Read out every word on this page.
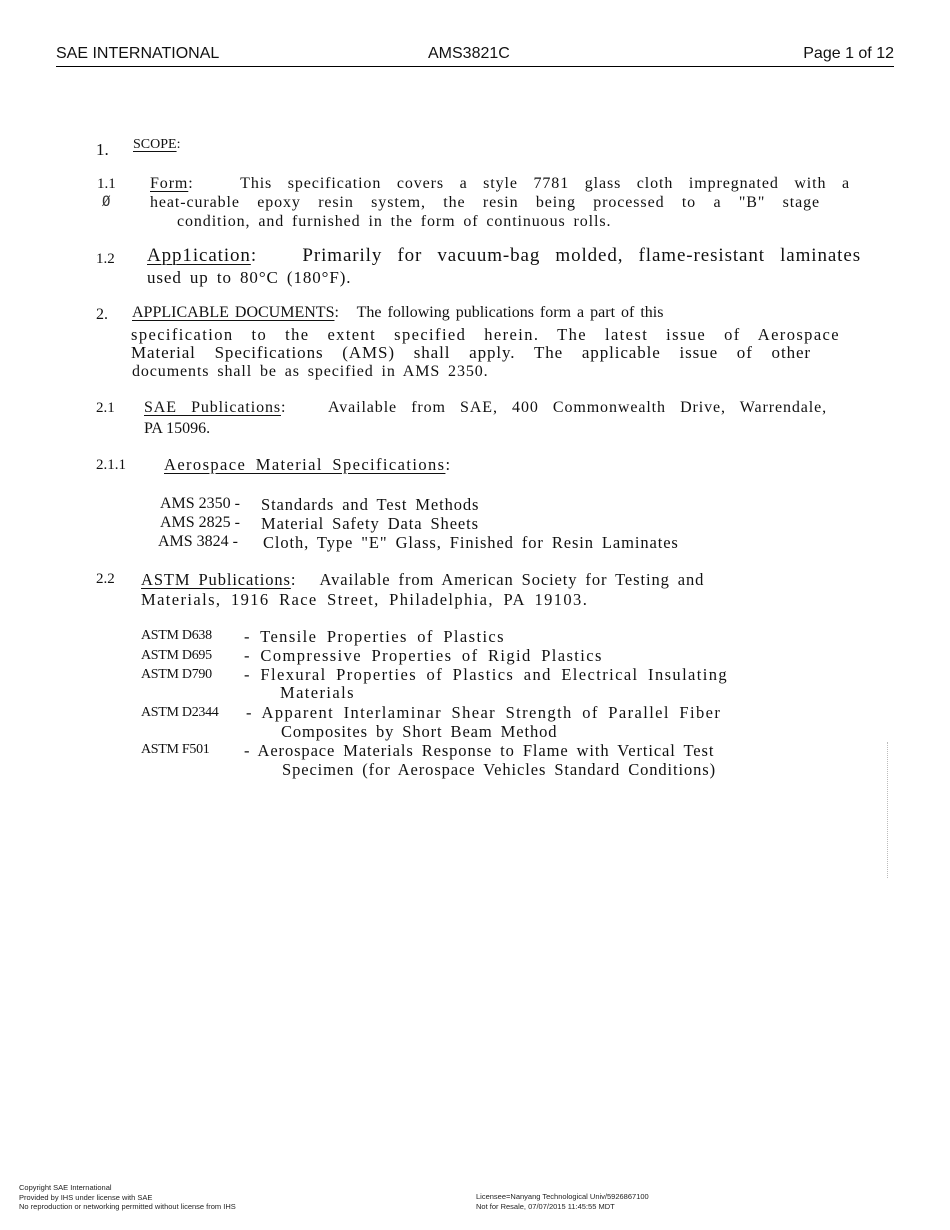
SAE INTERNATIONAL	AMS3821C	Page 1 of 12
1. SCOPE:
1.1
Ø
Form:   This specification covers a style 7781 glass cloth impregnated with a
heat-curable epoxy resin system, the resin being processed to a "B" stage
condition, and furnished in the form of continuous rolls.
1.2 App1ication:   Primarily for vacuum-bag molded, flame-resistant laminates
used up to 80°C (180°F).
2. APPLICABLE DOCUMENTS:   The following publications form a part of this
specification to the extent specified herein. The latest issue of Aerospace
Material Specifications (AMS) shall apply. The applicable issue of other
documents shall be as specified in AMS 2350.
2.1 SAE Publications:   Available from SAE, 400 Commonwealth Drive, Warrendale,
PA 15096.
2.1.1 Aerospace Material Specifications:
AMS 2350 - Standards and Test Methods
AMS 2825 - Material Safety Data Sheets
AMS 3824 - Cloth, Type "E" Glass, Finished for Resin Laminates
2.2 ASTM Publications:   Available from American Society for Testing and
Materials, 1916 Race Street, Philadelphia, PA 19103.
ASTM D638 - Tensile Properties of Plastics
ASTM D695 - Compressive Properties of Rigid Plastics
ASTM D790 - Flexural Properties of Plastics and Electrical Insulating
Materials
ASTM D2344 - Apparent Interlaminar Shear Strength of Parallel Fiber
Composites by Short Beam Method
ASTM F501 - Aerospace Materials Response to Flame with Vertical Test
Specimen (for Aerospace Vehicles Standard Conditions)
Copyright SAE International
Provided by IHS under license with SAE
No reproduction or networking permitted without license from IHS
Licensee=Nanyang Technological Univ/5926867100
Not for Resale, 07/07/2015 11:45:55 MDT
